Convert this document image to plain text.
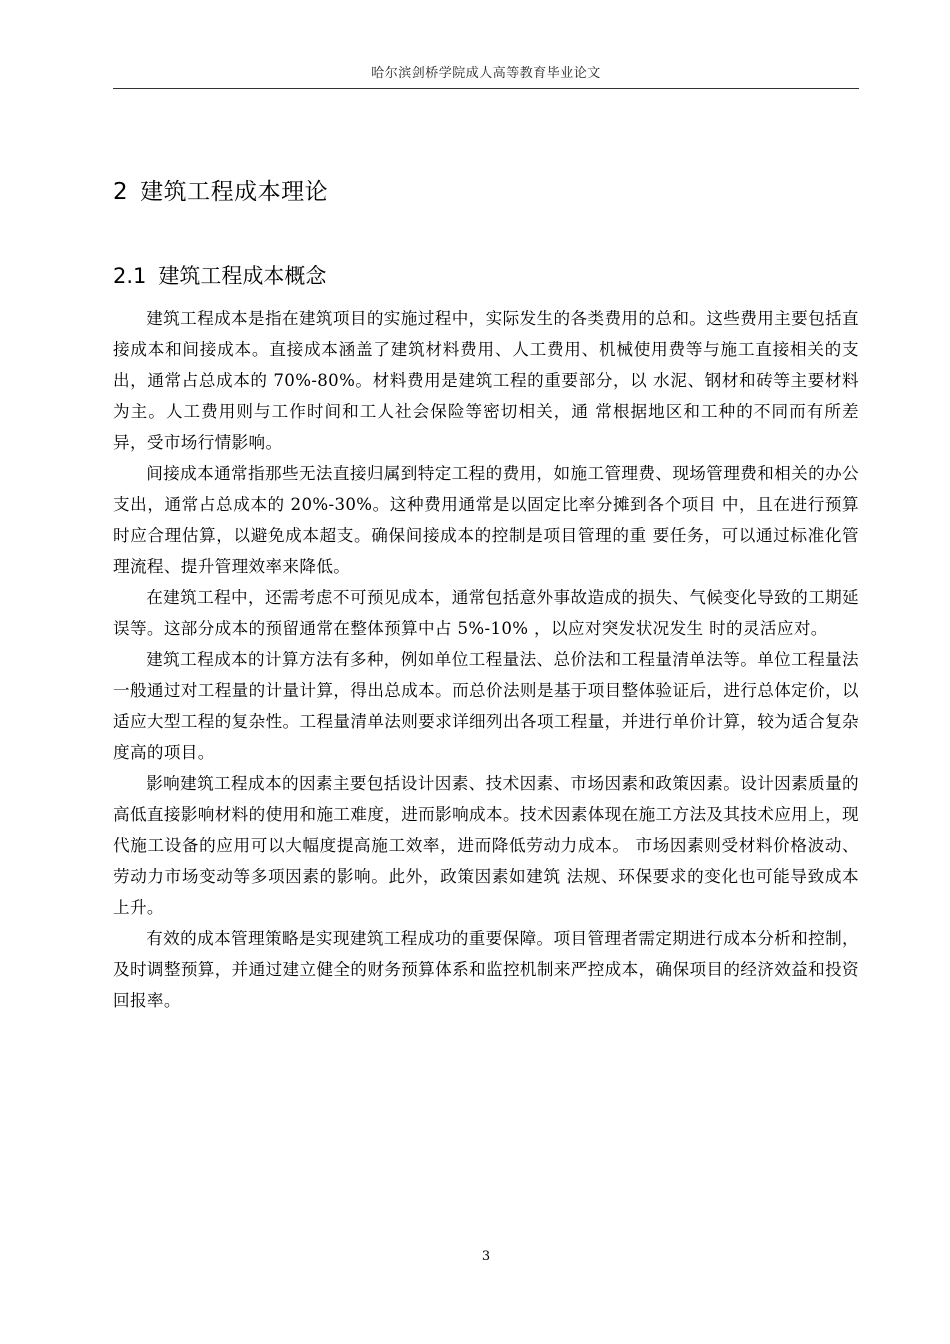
哈尔滨剑桥学院成人高等教育毕业论文
2 建筑工程成本理论
2.1 建筑工程成本概念

建筑工程成本是指在建筑项目的实施过程中，实际发生的各类费用的总和。这些费用主要包括直接成本和间接成本。直接成本涵盖了建筑材料费用、人工费用、机械使用费等与施工直接相关的支出，通常占总成本的 70%-80%。材料费用是建筑工程的重要部分，以 水泥、钢材和砖等主要材料为主。人工费用则与工作时间和工人社会保险等密切相关，通 常根据地区和工种的不同而有所差异，受市场行情影响。

间接成本通常指那些无法直接归属到特定工程的费用，如施工管理费、现场管理费和相关的办公支出，通常占总成本的 20%-30%。这种费用通常是以固定比率分摊到各个项目 中，且在进行预算时应合理估算，以避免成本超支。确保间接成本的控制是项目管理的重 要任务，可以通过标准化管理流程、提升管理效率来降低。

在建筑工程中，还需考虑不可预见成本，通常包括意外事故造成的损失、气候变化导致的工期延误等。这部分成本的预留通常在整体预算中占 5%-10% ，以应对突发状况发生 时的灵活应对。

建筑工程成本的计算方法有多种，例如单位工程量法、总价法和工程量清单法等。单位工程量法一般通过对工程量的计量计算，得出总成本。而总价法则是基于项目整体验证后，进行总体定价，以适应大型工程的复杂性。工程量清单法则要求详细列出各项工程量，并进行单价计算，较为适合复杂度高的项目。

影响建筑工程成本的因素主要包括设计因素、技术因素、市场因素和政策因素。设计因素质量的高低直接影响材料的使用和施工难度，进而影响成本。技术因素体现在施工方法及其技术应用上，现代施工设备的应用可以大幅度提高施工效率，进而降低劳动力成本。 市场因素则受材料价格波动、劳动力市场变动等多项因素的影响。此外，政策因素如建筑 法规、环保要求的变化也可能导致成本上升。

有效的成本管理策略是实现建筑工程成功的重要保障。项目管理者需定期进行成本分析和控制，及时调整预算，并通过建立健全的财务预算体系和监控机制来严控成本，确保项目的经济效益和投资回报率。

3
